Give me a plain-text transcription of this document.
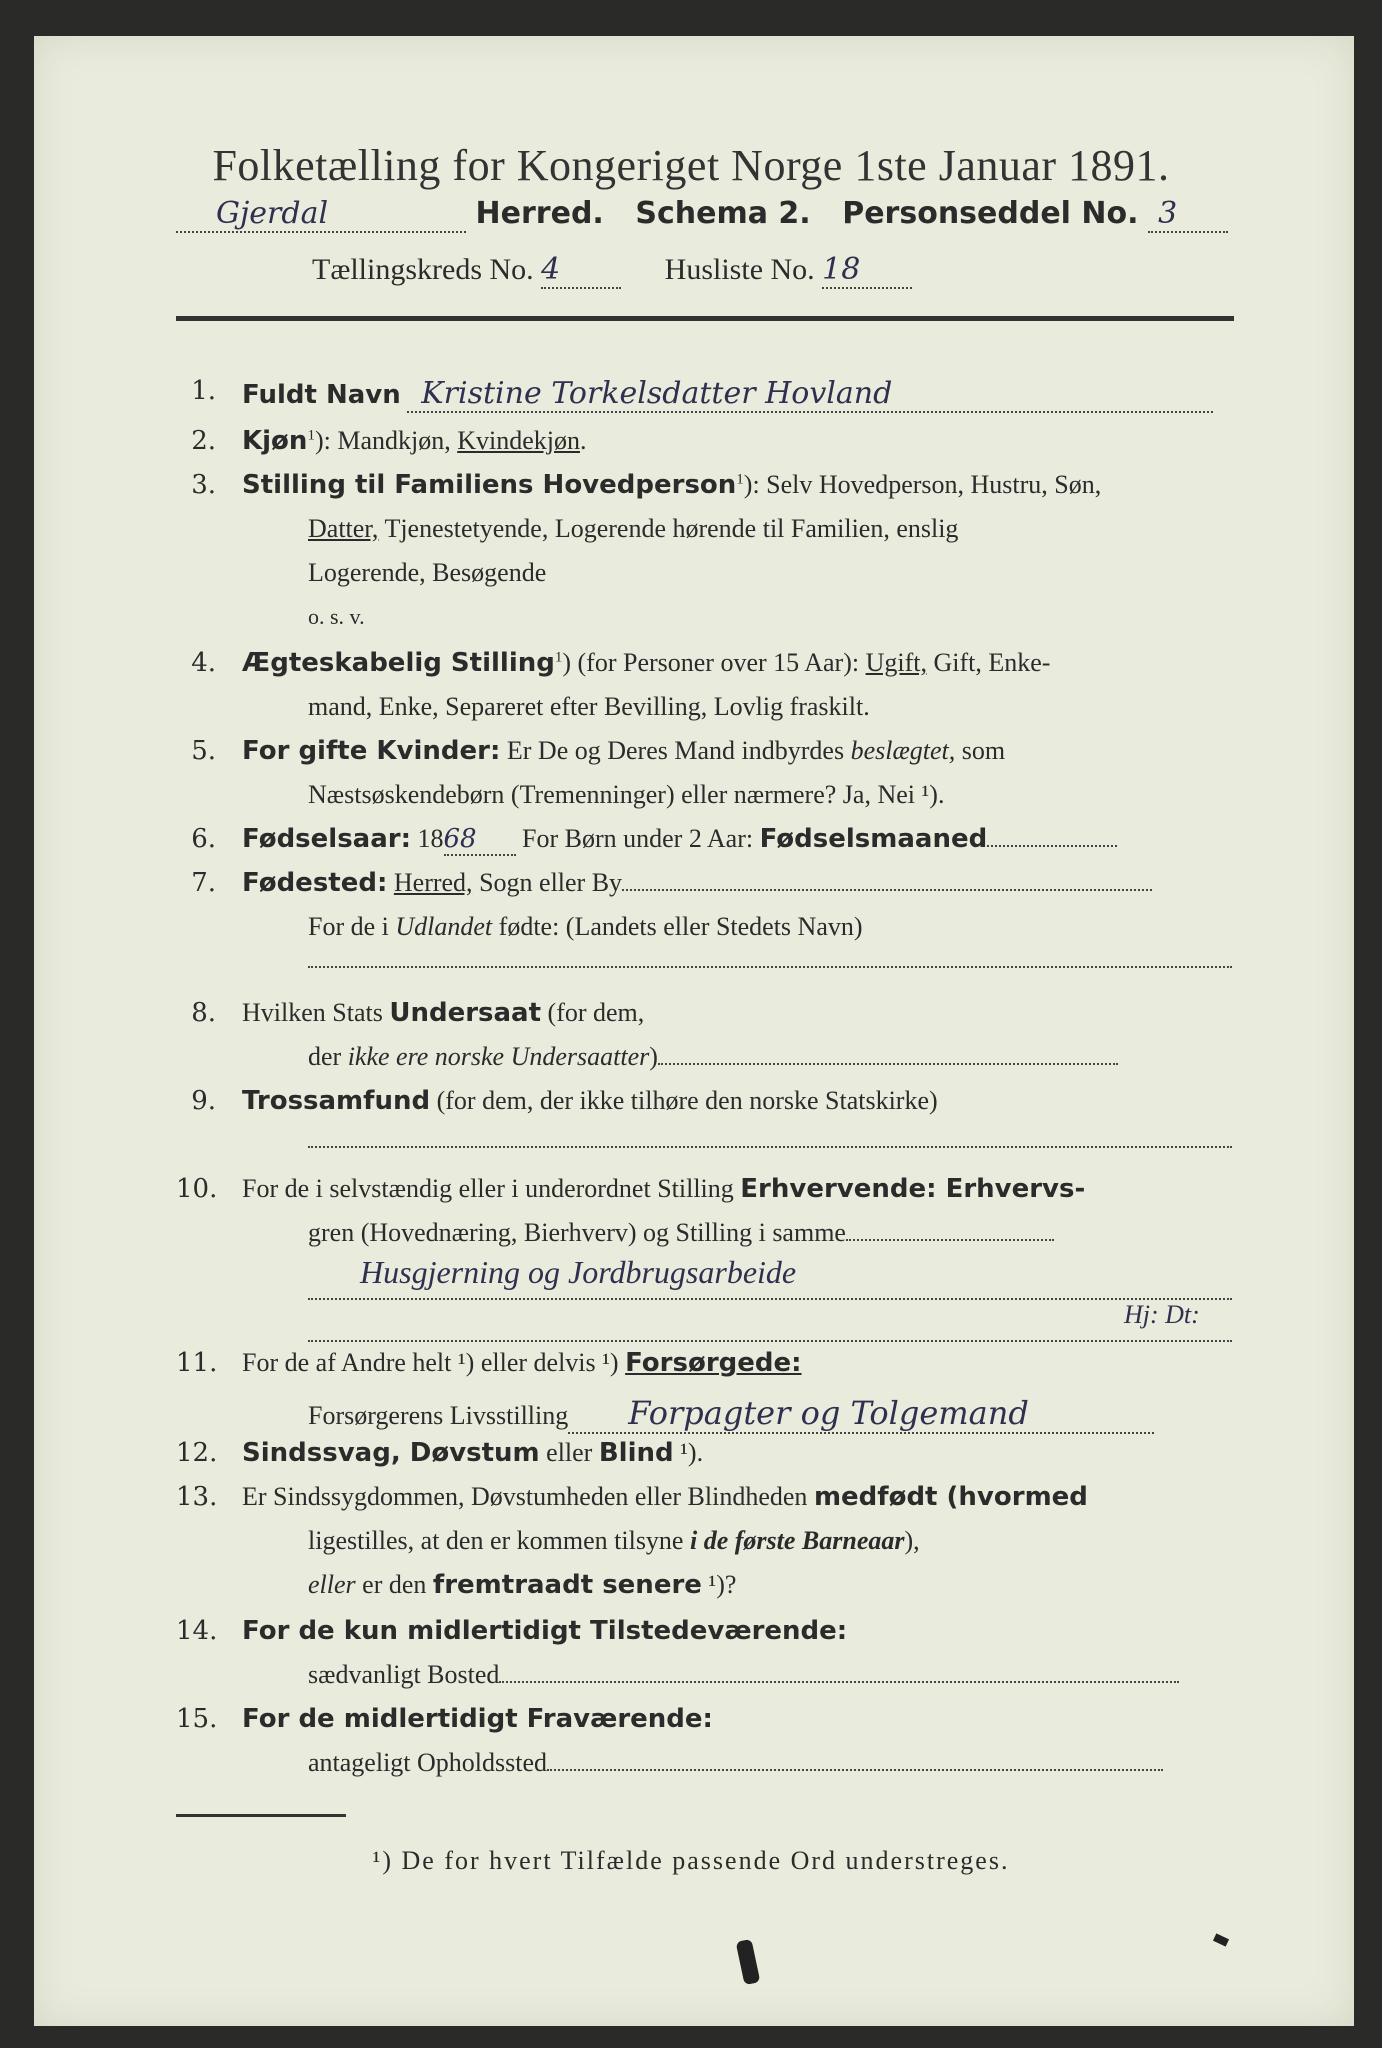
Folketælling for Kongeriget Norge 1ste Januar 1891.
Gjerdal	Herred. Schema 2. Personseddel No. 3
Tællingskreds No. 4	Husliste No. 18
1. Fuldt Navn Kristine Torkelsdatter Hovland
2. Kjøn$^1$): Mandkjøn, Kvindekjøn.
3. Stilling til Familiens Hovedperson$^1$): Selv Hovedperson, Hustru, Søn,
Datter, Tjenestetyende, Logerende hørende til Familien, enslig
Logerende, Besøgende
o. s. v.
4. Ægteskabelig Stilling$^1$) (for Personer over 15 Aar): Ugift, Gift, Enke-
mand, Enke, Separeret efter Bevilling, Lovlig fraskilt.
5. For gifte Kvinder: Er De og Deres Mand indbyrdes beslægtet, som
Næstsøskendebørn (Tremenninger) eller nærmere? Ja, Nei ¹).
6. Fødselsaar: 1868 For Børn under 2 Aar: Fødselsmaaned
7. Fødested: Herred, Sogn eller By
For de i Udlandet fødte: (Landets eller Stedets Navn)
8. Hvilken Stats Undersaat (for dem,
der ikke ere norske Undersaatter)
9. Trossamfund (for dem, der ikke tilhøre den norske Statskirke)
10. For de i selvstændig eller i underordnet Stilling Erhvervende: Erhvervs-
gren (Hovednæring, Bierhverv) og Stilling i samme
Husgjerning og Jordbrugsarbeide
Hj: Dt:
11. For de af Andre helt ¹) eller delvis ¹) Forsørgede:
Forsørgerens Livsstilling Forpagter og Tolgemand
12. Sindssvag, Døvstum eller Blind ¹).
13. Er Sindssygdommen, Døvstumheden eller Blindheden medfødt (hvormed
ligestilles, at den er kommen tilsyne i de første Barneaar),
eller er den fremtraadt senere ¹)?
14. For de kun midlertidigt Tilstedeværende:
sædvanligt Bosted
15. For de midlertidigt Fraværende:
antageligt Opholdssted
¹) De for hvert Tilfælde passende Ord understreges.
